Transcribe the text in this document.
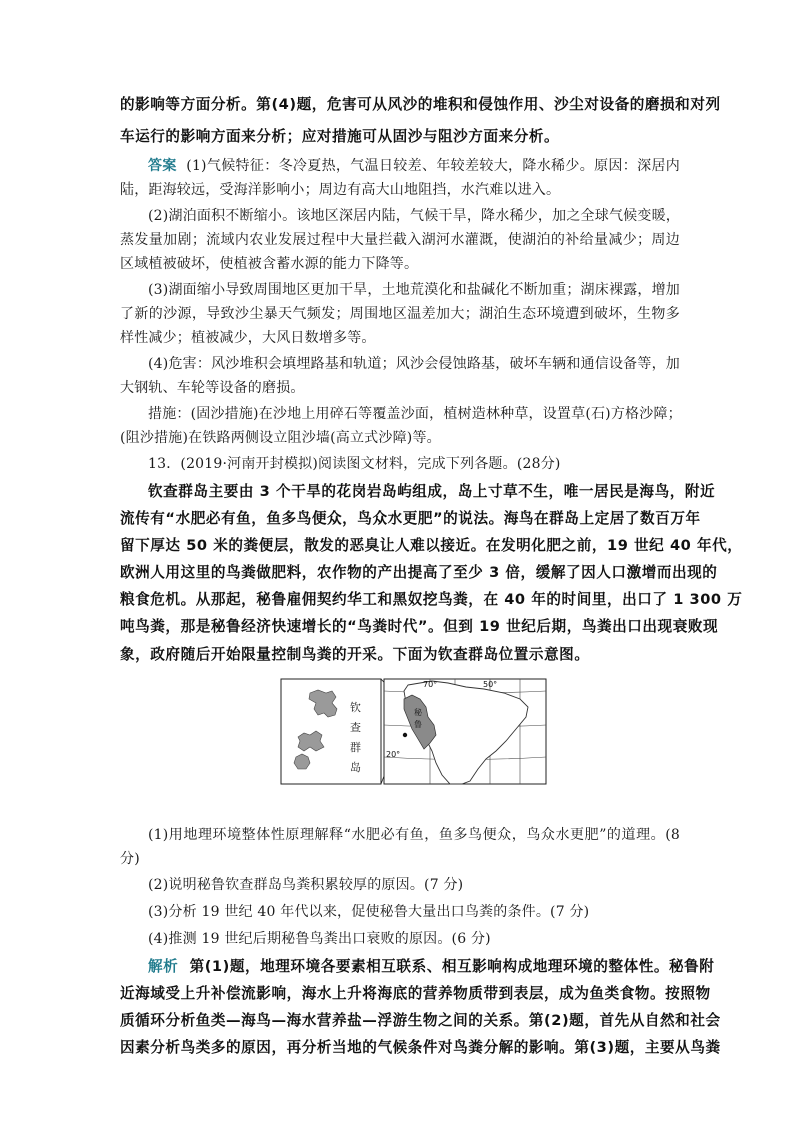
的影响等方面分析。第(4)题，危害可从风沙的堆积和侵蚀作用、沙尘对设备的磨损和对列
车运行的影响方面来分析；应对措施可从固沙与阻沙方面来分析。
答案 (1)气候特征：冬冷夏热，气温日较差、年较差较大，降水稀少。原因：深居内
陆，距海较远，受海洋影响小；周边有高大山地阻挡，水汽难以进入。
(2)湖泊面积不断缩小。该地区深居内陆，气候干旱，降水稀少，加之全球气候变暖，
蒸发量加剧；流域内农业发展过程中大量拦截入湖河水灌溉，使湖泊的补给量减少；周边
区域植被破坏，使植被含蓄水源的能力下降等。
(3)湖面缩小导致周围地区更加干旱，土地荒漠化和盐碱化不断加重；湖床裸露，增加
了新的沙源，导致沙尘暴天气频发；周围地区温差加大；湖泊生态环境遭到破坏，生物多
样性减少；植被减少，大风日数增多等。
(4)危害：风沙堆积会填埋路基和轨道；风沙会侵蚀路基，破坏车辆和通信设备等，加
大钢轨、车轮等设备的磨损。
措施：(固沙措施)在沙地上用碎石等覆盖沙面，植树造林种草，设置草(石)方格沙障；
(阻沙措施)在铁路两侧设立阻沙墙(高立式沙障)等。
13．(2019·河南开封模拟)阅读图文材料，完成下列各题。(28分)
钦查群岛主要由 3 个干旱的花岗岩岛屿组成，岛上寸草不生，唯一居民是海鸟，附近
流传有“水肥必有鱼，鱼多鸟便众，鸟众水更肥”的说法。海鸟在群岛上定居了数百万年
留下厚达 50 米的粪便层，散发的恶臭让人难以接近。在发明化肥之前，19 世纪 40 年代，
欧洲人用这里的鸟粪做肥料，农作物的产出提高了至少 3 倍，缓解了因人口激增而出现的
粮食危机。从那起，秘鲁雇佣契约华工和黑奴挖鸟粪，在 40 年的时间里，出口了 1 300 万
吨鸟粪，那是秘鲁经济快速增长的“鸟粪时代”。但到 19 世纪后期，鸟粪出口出现衰败现
象，政府随后开始限量控制鸟粪的开采。下面为钦查群岛位置示意图。
钦
查
群
岛
秘
鲁
70°	50°
20°
(1)用地理环境整体性原理解释“水肥必有鱼，鱼多鸟便众，鸟众水更肥”的道理。(8
分)
(2)说明秘鲁钦查群岛鸟粪积累较厚的原因。(7 分)
(3)分析 19 世纪 40 年代以来，促使秘鲁大量出口鸟粪的条件。(7 分)
(4)推测 19 世纪后期秘鲁鸟粪出口衰败的原因。(6 分)
解析 第(1)题，地理环境各要素相互联系、相互影响构成地理环境的整体性。秘鲁附
近海域受上升补偿流影响，海水上升将海底的营养物质带到表层，成为鱼类食物。按照物
质循环分析鱼类—海鸟—海水营养盐—浮游生物之间的关系。第(2)题，首先从自然和社会
因素分析鸟类多的原因，再分析当地的气候条件对鸟粪分解的影响。第(3)题，主要从鸟粪
